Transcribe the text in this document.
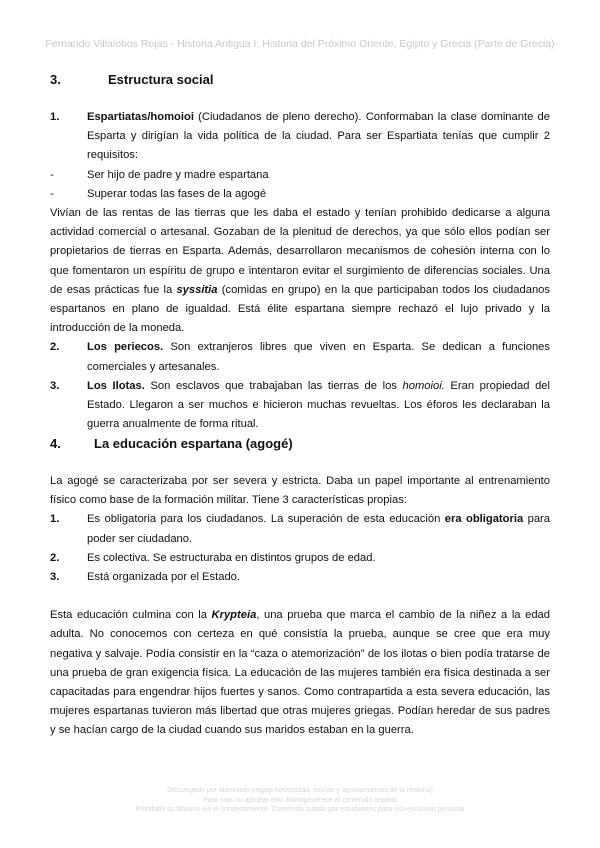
Fernando Villalobos Rojas - Historia Antigua I: Historia del Próximo Oriente, Egipto y Grecia (Parte de Grecia)
3.	Estructura social
1.	Espartiatas/homoioi (Ciudadanos de pleno derecho). Conformaban la clase dominante de Esparta y dirigían la vida política de la ciudad. Para ser Espartiata tenías que cumplir 2 requisitos:
-	Ser hijo de padre y madre espartana
-	Superar todas las fases de la agogé

Vivían de las rentas de las tierras que les daba el estado y tenían prohibido dedicarse a alguna actividad comercial o artesanal. Gozaban de la plenitud de derechos, ya que sólo ellos podían ser propietarios de tierras en Esparta. Además, desarrollaron mecanismos de cohesión interna con lo que fomentaron un espíritu de grupo e intentaron evitar el surgimiento de diferencias sociales. Una de esas prácticas fue la syssitia (comidas en grupo) en la que participaban todos los ciudadanos espartanos en plano de igualdad. Está élite espartana siempre rechazó el lujo privado y la introducción de la moneda.

2.	Los periecos. Son extranjeros libres que viven en Esparta. Se dedican a funciones comerciales y artesanales.
3.	Los Ilotas. Son esclavos que trabajaban las tierras de los homoioi. Eran propiedad del Estado. Llegaron a ser muchos e hicieron muchas revueltas. Los éforos les declaraban la guerra anualmente de forma ritual.
4.	La educación espartana (agogé)

La agogé se caracterizaba por ser severa y estricta. Daba un papel importante al entrenamiento físico como base de la formación militar. Tiene 3 características propias:

1.	Es obligatoria para los ciudadanos. La superación de esta educación era obligatoria para poder ser ciudadano.
2.	Es colectiva. Se estructuraba en distintos grupos de edad.
3.	Está organizada por el Estado.

Esta educación culmina con la Krypteia, una prueba que marca el cambio de la niñez a la edad adulta. No conocemos con certeza en qué consistía la prueba, aunque se cree que era muy negativa y salvaje. Podía consistir en la “caza o atemorización” de los ilotas o bien podía tratarse de una prueba de gran exigencia física. La educación de las mujeres también era física destinada a ser capacitadas para engendrar hijos fuertes y sanos. Como contrapartida a esta severa educación, las mujeres espartanas tuvieron más libertad que otras mujeres griegas. Podían heredar de sus padres y se hacían cargo de la ciudad cuando sus maridos estaban en la guerra.

Descargado por alumnado (reglas honestidad, teorías y apuntamientos de la Historia)
Para más no aprobar edo. Mantigenerece al contenido original
Prohibida su difusión sin el consentimiento. Contenido subido por estudiantes para uso exclusivo personal
